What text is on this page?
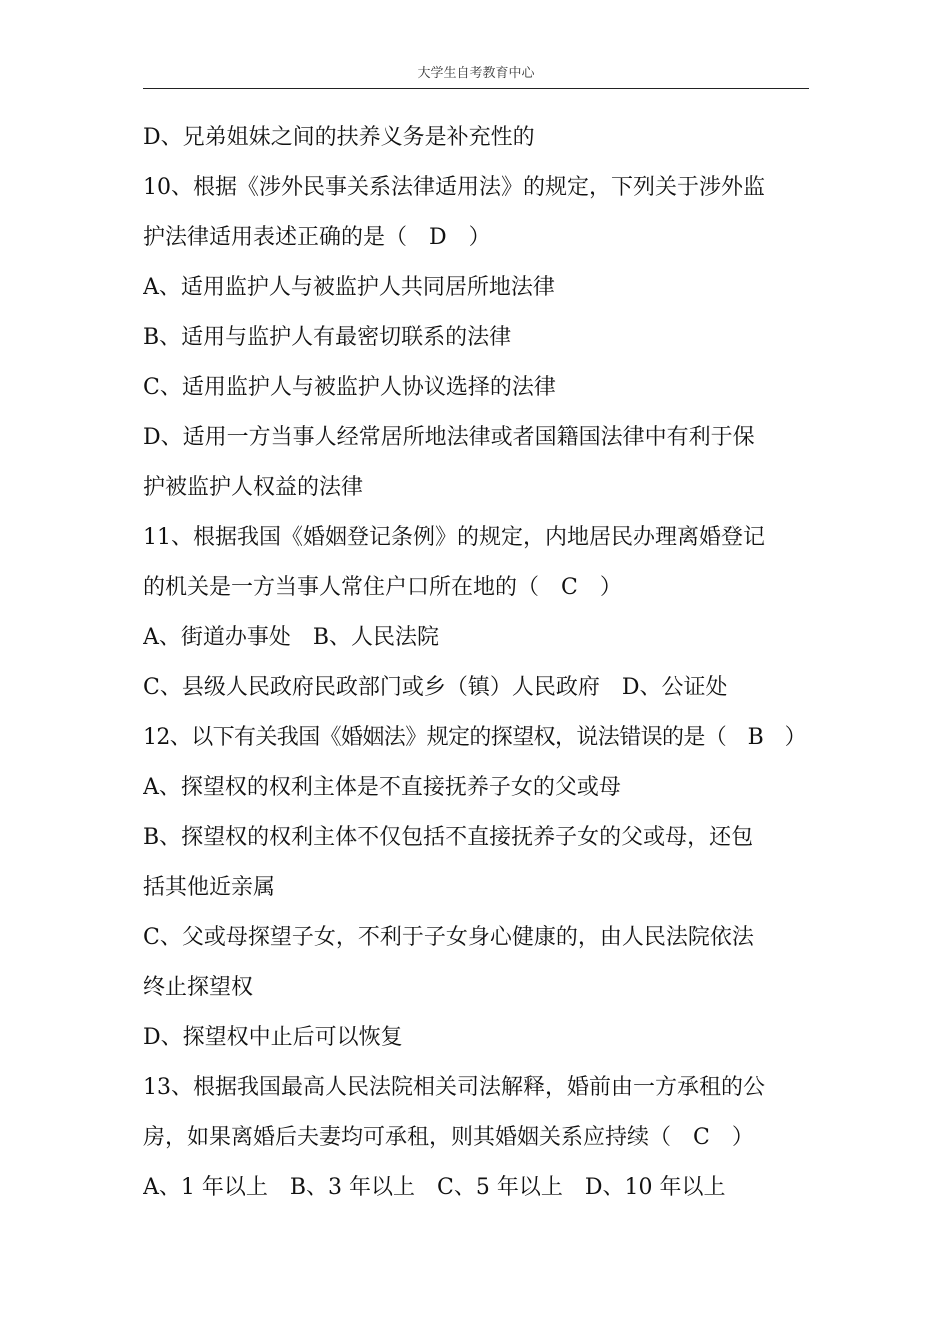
大学生自考教育中心
D、兄弟姐妹之间的扶养义务是补充性的
10、根据《涉外民事关系法律适用法》的规定，下列关于涉外监
护法律适用表述正确的是（　D　）
A、适用监护人与被监护人共同居所地法律
B、适用与监护人有最密切联系的法律
C、适用监护人与被监护人协议选择的法律
D、适用一方当事人经常居所地法律或者国籍国法律中有利于保
护被监护人权益的法律
11、根据我国《婚姻登记条例》的规定，内地居民办理离婚登记
的机关是一方当事人常住户口所在地的（　C　）
A、街道办事处　B、人民法院
C、县级人民政府民政部门或乡（镇）人民政府　D、公证处
12、以下有关我国《婚姻法》规定的探望权，说法错误的是（　B　）
A、探望权的权利主体是不直接抚养子女的父或母
B、探望权的权利主体不仅包括不直接抚养子女的父或母，还包
括其他近亲属
C、父或母探望子女，不利于子女身心健康的，由人民法院依法
终止探望权
D、探望权中止后可以恢复
13、根据我国最高人民法院相关司法解释，婚前由一方承租的公
房，如果离婚后夫妻均可承租，则其婚姻关系应持续（　C　）
A、1 年以上　B、3 年以上　C、5 年以上　D、10 年以上
